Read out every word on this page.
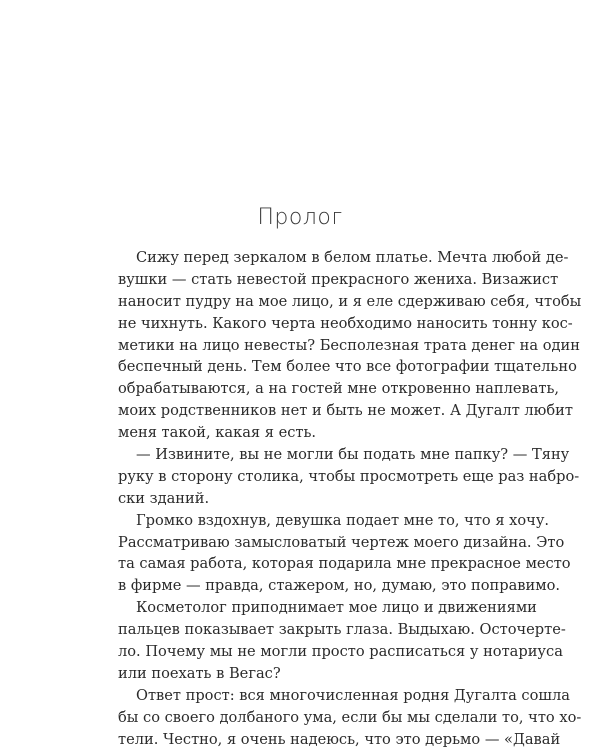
Пролог
Сижу перед зеркалом в белом платье. Мечта любой де-
вушки — стать невестой прекрасного жениха. Визажист
наносит пудру на мое лицо, и я еле сдерживаю себя, чтобы
не чихнуть. Какого черта необходимо наносить тонну кос-
метики на лицо невесты? Бесполезная трата денег на один
беспечный день. Тем более что все фотографии тщательно
обрабатываются, а на гостей мне откровенно наплевать,
моих родственников нет и быть не может. А Дугалт любит
меня такой, какая я есть.
— Извините, вы не могли бы подать мне папку? — Тяну
руку в сторону столика, чтобы просмотреть еще раз набро-
ски зданий.
Громко вздохнув, девушка подает мне то, что я хочу.
Рассматриваю замысловатый чертеж моего дизайна. Это
та самая работа, которая подарила мне прекрасное место
в фирме — правда, стажером, но, думаю, это поправимо.
Косметолог приподнимает мое лицо и движениями
пальцев показывает закрыть глаза. Выдыхаю. Осточерте-
ло. Почему мы не могли просто расписаться у нотариуса
или поехать в Вегас?
Ответ прост: вся многочисленная родня Дугалта сошла
бы со своего долбаного ума, если бы мы сделали то, что хо-
тели. Честно, я очень надеюсь, что это дерьмо — «Давай
